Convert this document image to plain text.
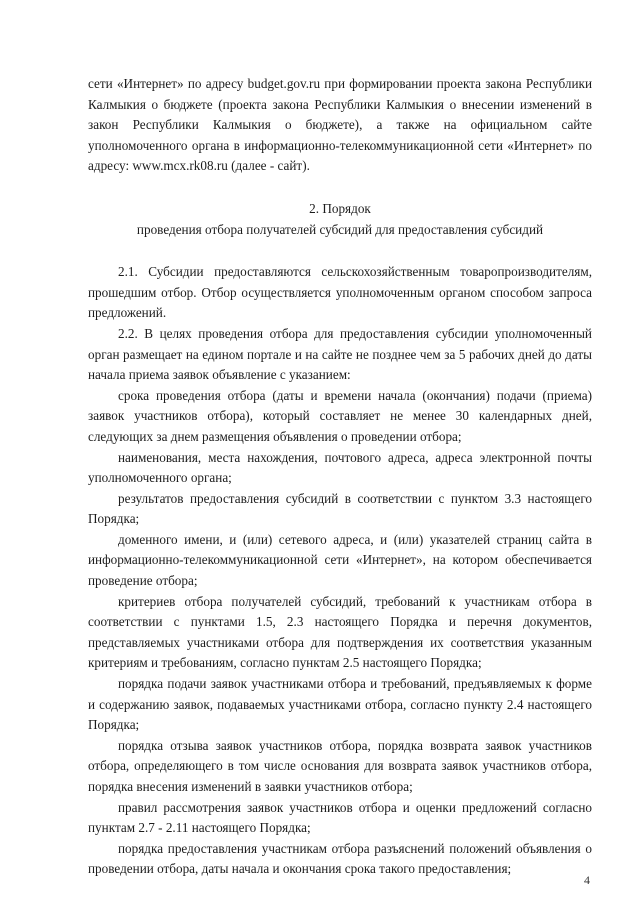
сети «Интернет» по адресу budget.gov.ru при формировании проекта закона Республики Калмыкия о бюджете (проекта закона Республики Калмыкия о внесении изменений в закон Республики Калмыкия о бюджете), а также на официальном сайте уполномоченного органа в информационно-телекоммуникационной сети «Интернет» по адресу: www.mcx.rk08.ru (далее - сайт).

2. Порядок

проведения отбора получателей субсидий для предоставления субсидий

2.1. Субсидии предоставляются сельскохозяйственным товаропроизводителям, прошедшим отбор. Отбор осуществляется уполномоченным органом способом запроса предложений.

2.2. В целях проведения отбора для предоставления субсидии уполномоченный орган размещает на едином портале и на сайте не позднее чем за 5 рабочих дней до даты начала приема заявок объявление с указанием:

срока проведения отбора (даты и времени начала (окончания) подачи (приема) заявок участников отбора), который составляет не менее 30 календарных дней, следующих за днем размещения объявления о проведении отбора;

наименования, места нахождения, почтового адреса, адреса электронной почты уполномоченного органа;

результатов предоставления субсидий в соответствии с пунктом 3.3 настоящего Порядка;

доменного имени, и (или) сетевого адреса, и (или) указателей страниц сайта в информационно-телекоммуникационной сети «Интернет», на котором обеспечивается проведение отбора;

критериев отбора получателей субсидий, требований к участникам отбора в соответствии с пунктами 1.5, 2.3 настоящего Порядка и перечня документов, представляемых участниками отбора для подтверждения их соответствия указанным критериям и требованиям, согласно пунктам 2.5 настоящего Порядка;

порядка подачи заявок участниками отбора и требований, предъявляемых к форме и содержанию заявок, подаваемых участниками отбора, согласно пункту 2.4 настоящего Порядка;

порядка отзыва заявок участников отбора, порядка возврата заявок участников отбора, определяющего в том числе основания для возврата заявок участников отбора, порядка внесения изменений в заявки участников отбора;

правил рассмотрения заявок участников отбора и оценки предложений согласно пунктам 2.7 - 2.11 настоящего Порядка;

порядка предоставления участникам отбора разъяснений положений объявления о проведении отбора, даты начала и окончания срока такого предоставления;

4
